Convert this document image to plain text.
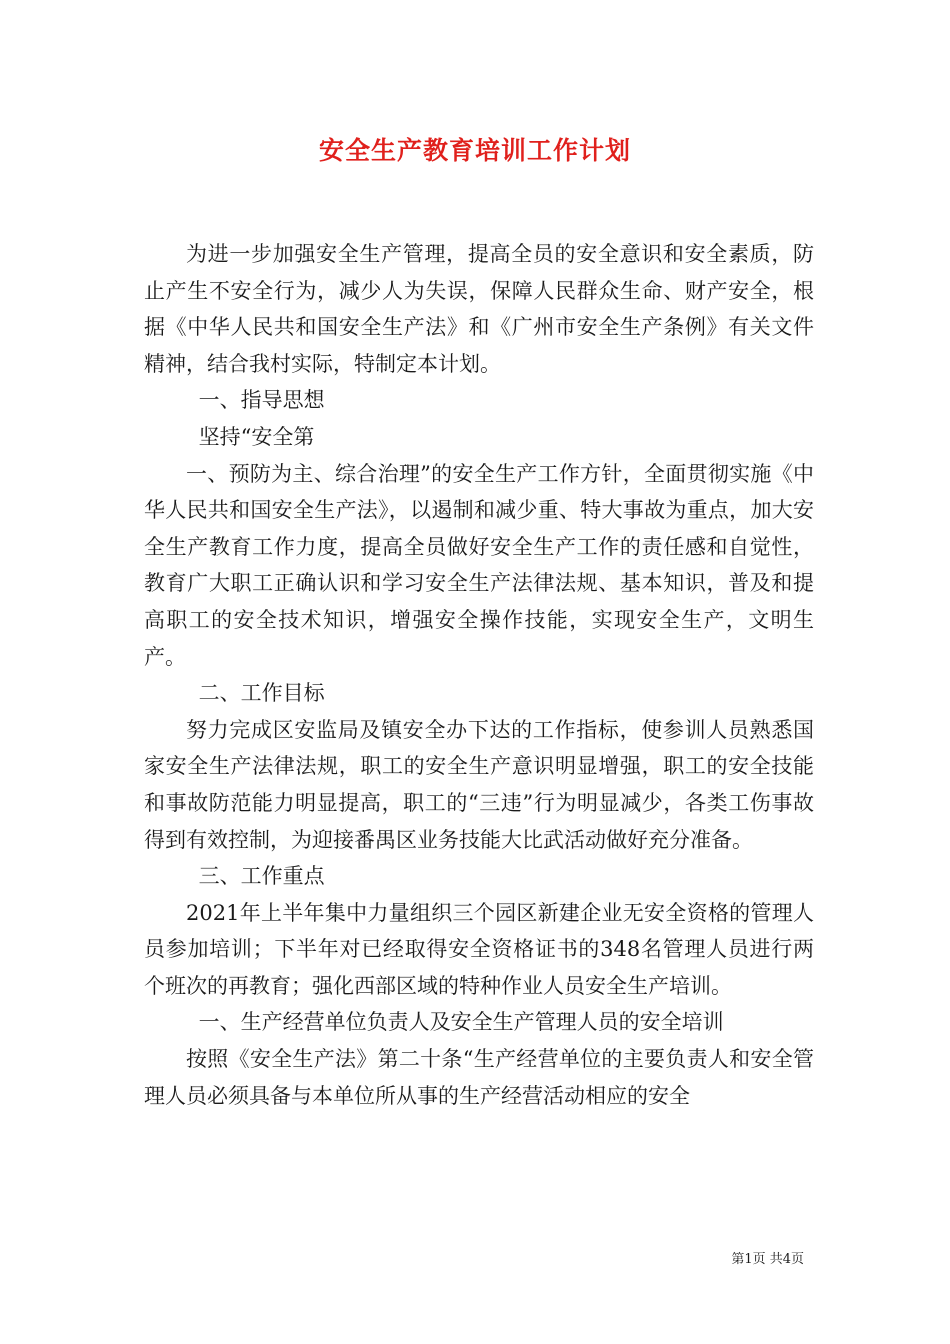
安全生产教育培训工作计划

为进一步加强安全生产管理，提高全员的安全意识和安全素质，防止产生不安全行为，减少人为失误，保障人民群众生命、财产安全，根据《中华人民共和国安全生产法》和《广州市安全生产条例》有关文件精神，结合我村实际，特制定本计划。

一、指导思想

坚持“安全第

一、预防为主、综合治理”的安全生产工作方针，全面贯彻实施《中华人民共和国安全生产法》，以遏制和减少重、特大事故为重点，加大安全生产教育工作力度，提高全员做好安全生产工作的责任感和自觉性，教育广大职工正确认识和学习安全生产法律法规、基本知识，普及和提高职工的安全技术知识，增强安全操作技能，实现安全生产，文明生产。

二、工作目标

努力完成区安监局及镇安全办下达的工作指标，使参训人员熟悉国家安全生产法律法规，职工的安全生产意识明显增强，职工的安全技能和事故防范能力明显提高，职工的“三违”行为明显减少，各类工伤事故得到有效控制，为迎接番禺区业务技能大比武活动做好充分准备。

三、工作重点

2021年上半年集中力量组织三个园区新建企业无安全资格的管理人员参加培训；下半年对已经取得安全资格证书的348名管理人员进行两个班次的再教育；强化西部区域的特种作业人员安全生产培训。

一、生产经营单位负责人及安全生产管理人员的安全培训

按照《安全生产法》第二十条“生产经营单位的主要负责人和安全管理人员必须具备与本单位所从事的生产经营活动相应的安全

第1页 共4页
